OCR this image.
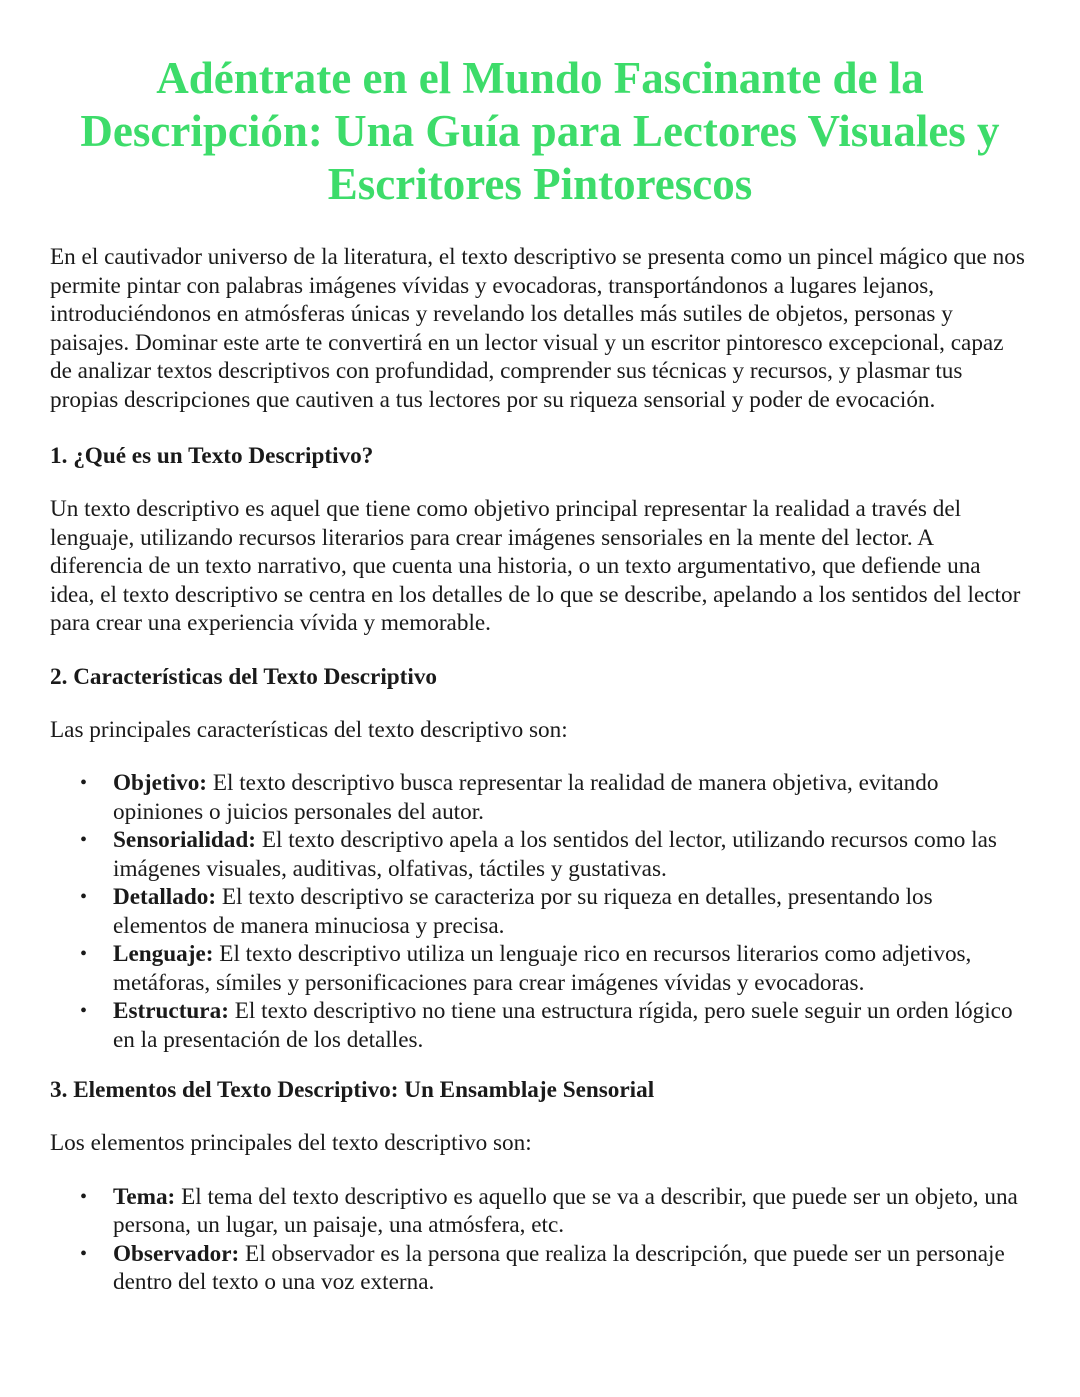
Adéntrate en el Mundo Fascinante de la
Descripción: Una Guía para Lectores Visuales y
Escritores Pintorescos

En el cautivador universo de la literatura, el texto descriptivo se presenta como un pincel mágico que nos permite pintar con palabras imágenes vívidas y evocadoras, transportándonos a lugares lejanos, introduciéndonos en atmósferas únicas y revelando los detalles más sutiles de objetos, personas y paisajes. Dominar este arte te convertirá en un lector visual y un escritor pintoresco excepcional, capaz de analizar textos descriptivos con profundidad, comprender sus técnicas y recursos, y plasmar tus propias descripciones que cautiven a tus lectores por su riqueza sensorial y poder de evocación.

1. ¿Qué es un Texto Descriptivo?

Un texto descriptivo es aquel que tiene como objetivo principal representar la realidad a través del lenguaje, utilizando recursos literarios para crear imágenes sensoriales en la mente del lector. A diferencia de un texto narrativo, que cuenta una historia, o un texto argumentativo, que defiende una idea, el texto descriptivo se centra en los detalles de lo que se describe, apelando a los sentidos del lector para crear una experiencia vívida y memorable.

2. Características del Texto Descriptivo

Las principales características del texto descriptivo son:

• Objetivo: El texto descriptivo busca representar la realidad de manera objetiva, evitando opiniones o juicios personales del autor.
• Sensorialidad: El texto descriptivo apela a los sentidos del lector, utilizando recursos como las imágenes visuales, auditivas, olfativas, táctiles y gustativas.
• Detallado: El texto descriptivo se caracteriza por su riqueza en detalles, presentando los elementos de manera minuciosa y precisa.
• Lenguaje: El texto descriptivo utiliza un lenguaje rico en recursos literarios como adjetivos, metáforas, símiles y personificaciones para crear imágenes vívidas y evocadoras.
• Estructura: El texto descriptivo no tiene una estructura rígida, pero suele seguir un orden lógico en la presentación de los detalles.
3. Elementos del Texto Descriptivo: Un Ensamblaje Sensorial

Los elementos principales del texto descriptivo son:

• Tema: El tema del texto descriptivo es aquello que se va a describir, que puede ser un objeto, una persona, un lugar, un paisaje, una atmósfera, etc.
• Observador: El observador es la persona que realiza la descripción, que puede ser un personaje dentro del texto o una voz externa.
